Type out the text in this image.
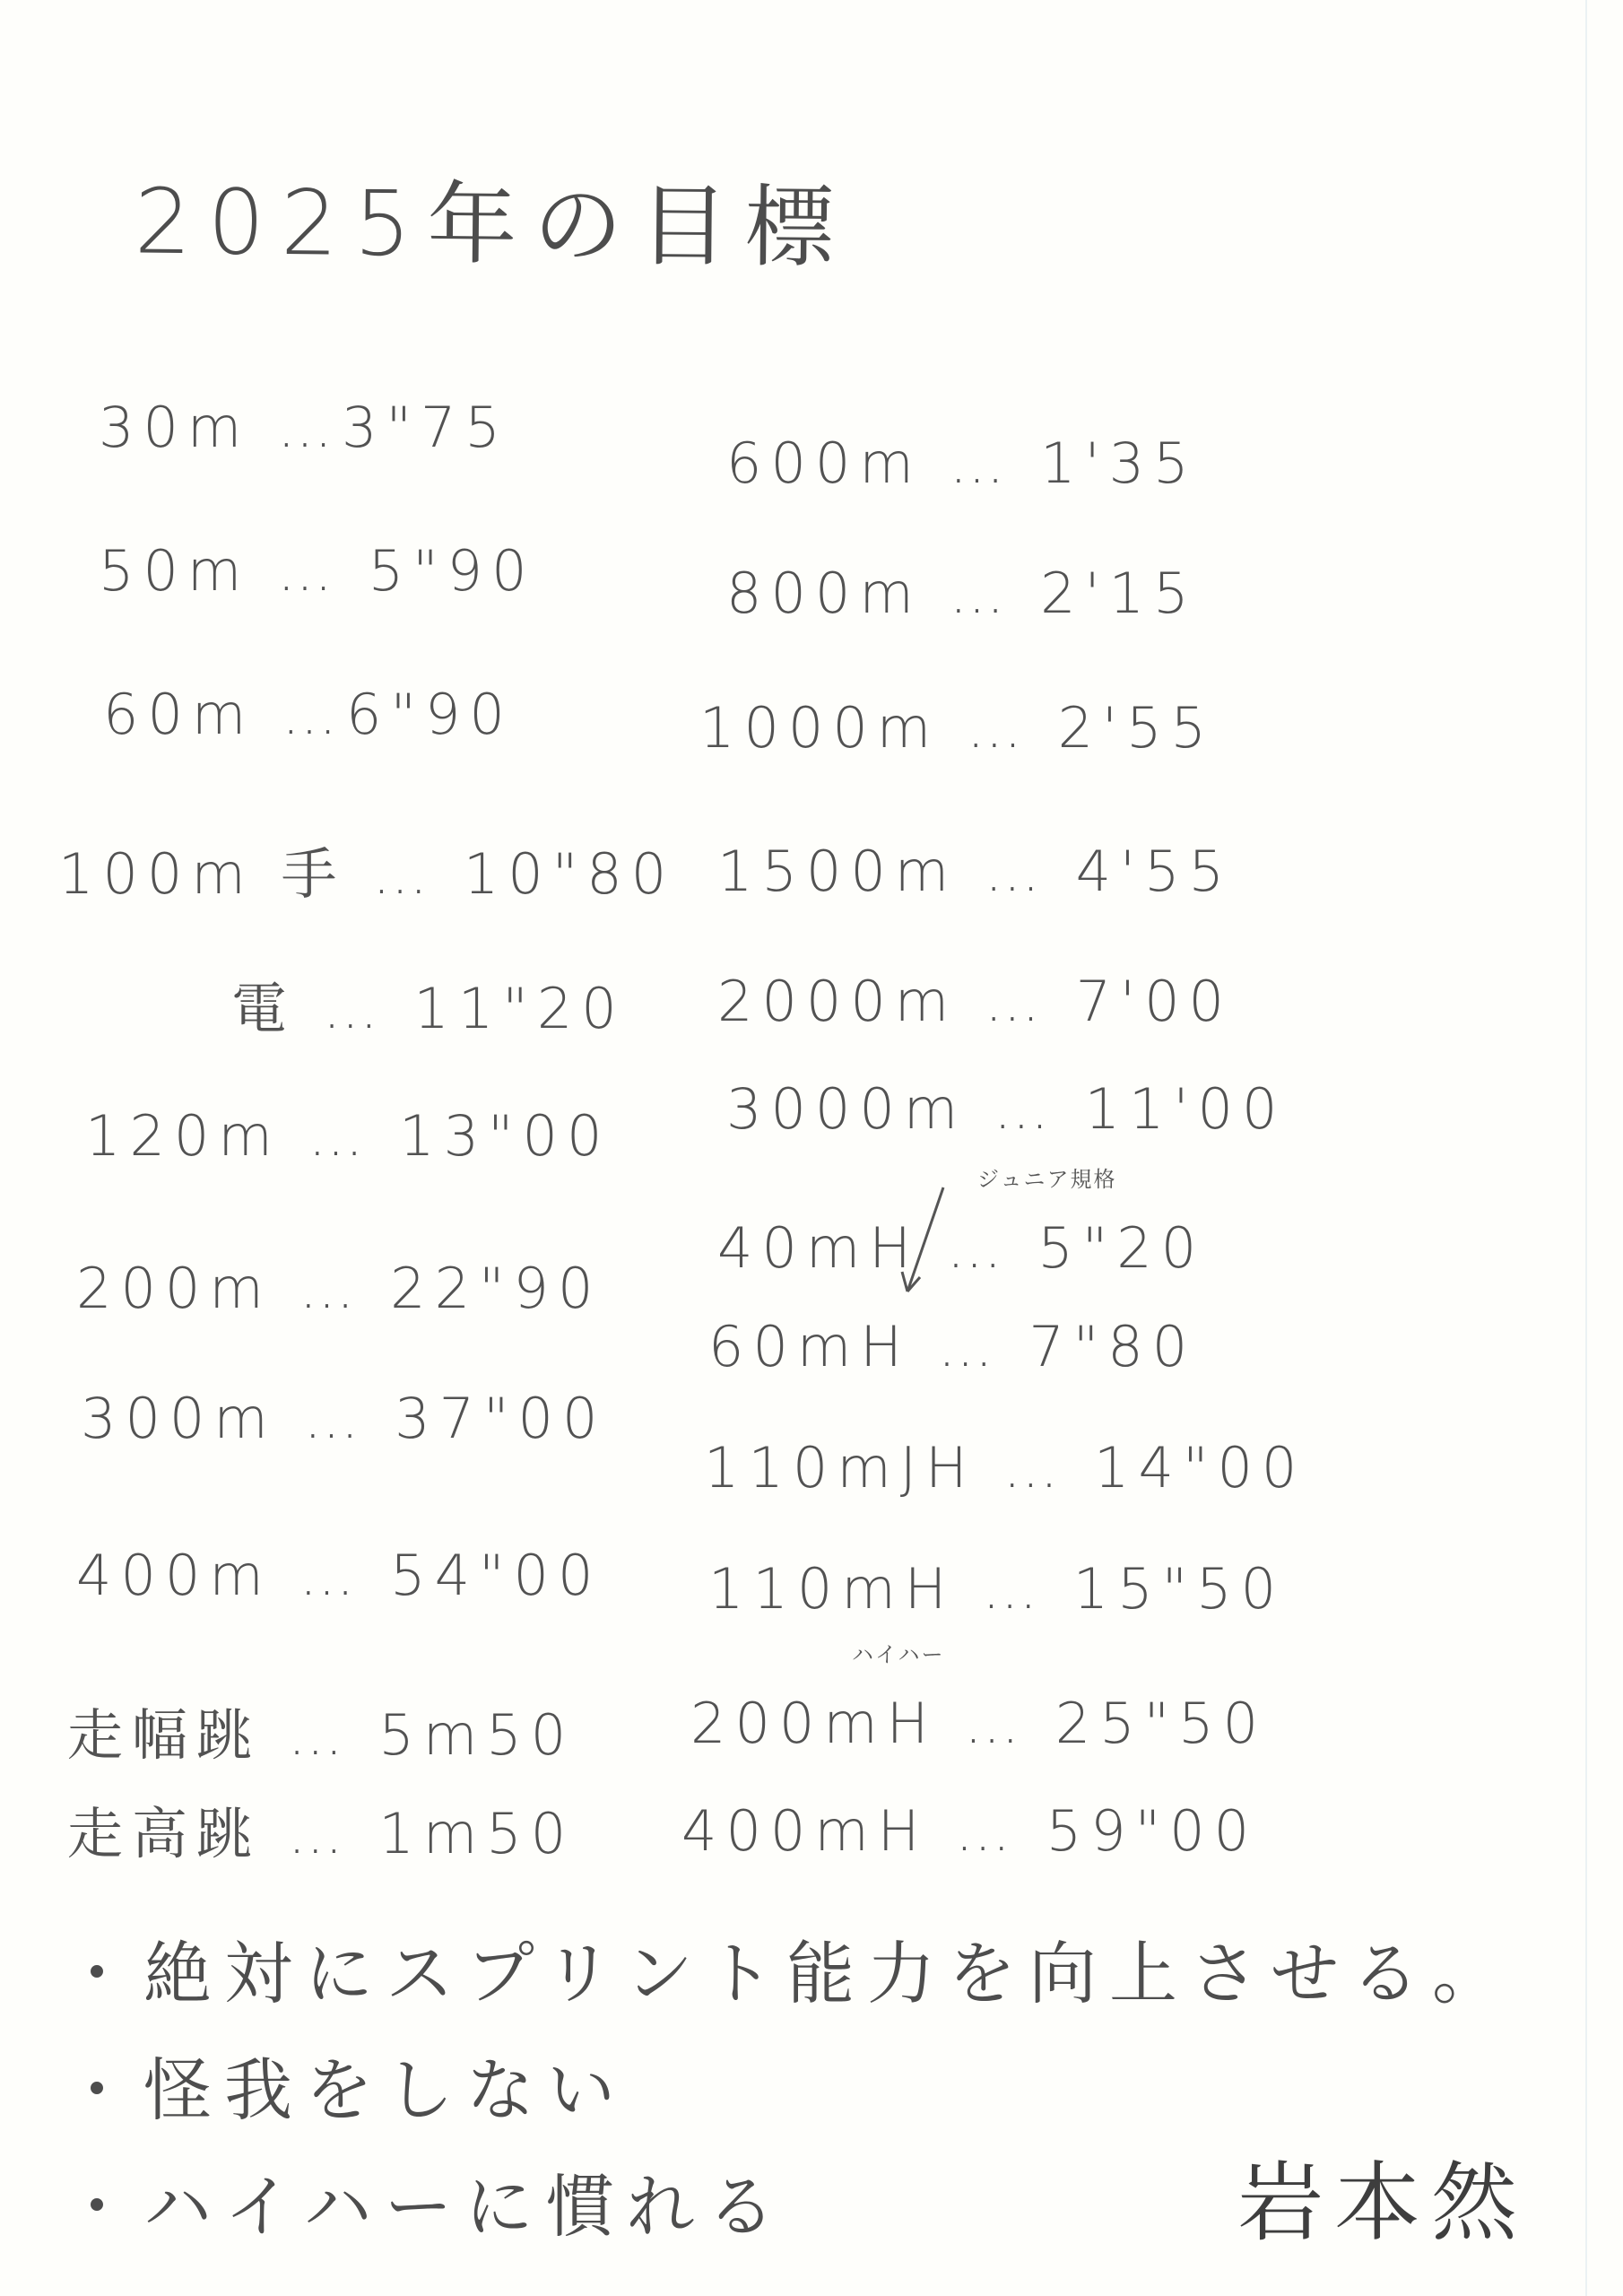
2025年の目標
30m …3"75
50m … 5"90
60m …6"90
100m 手 … 10"80
電 … 11"20
120m … 13"00
200m … 22"90
300m … 37"00
400m … 54"00
走幅跳 … 5m50
走高跳 … 1m50
600m … 1'35
800m … 2'15
1000m … 2'55
1500m … 4'55
2000m … 7'00
3000m … 11'00
ジュニア規格
40mH … 5"20
60mH … 7"80
110mJH … 14"00
110mH … 15"50
ハイハー
200mH … 25"50
400mH … 59"00
・絶対にスプリント能力を向上させる。
・怪我をしない
・ハイハーに慣れる	岩本然
